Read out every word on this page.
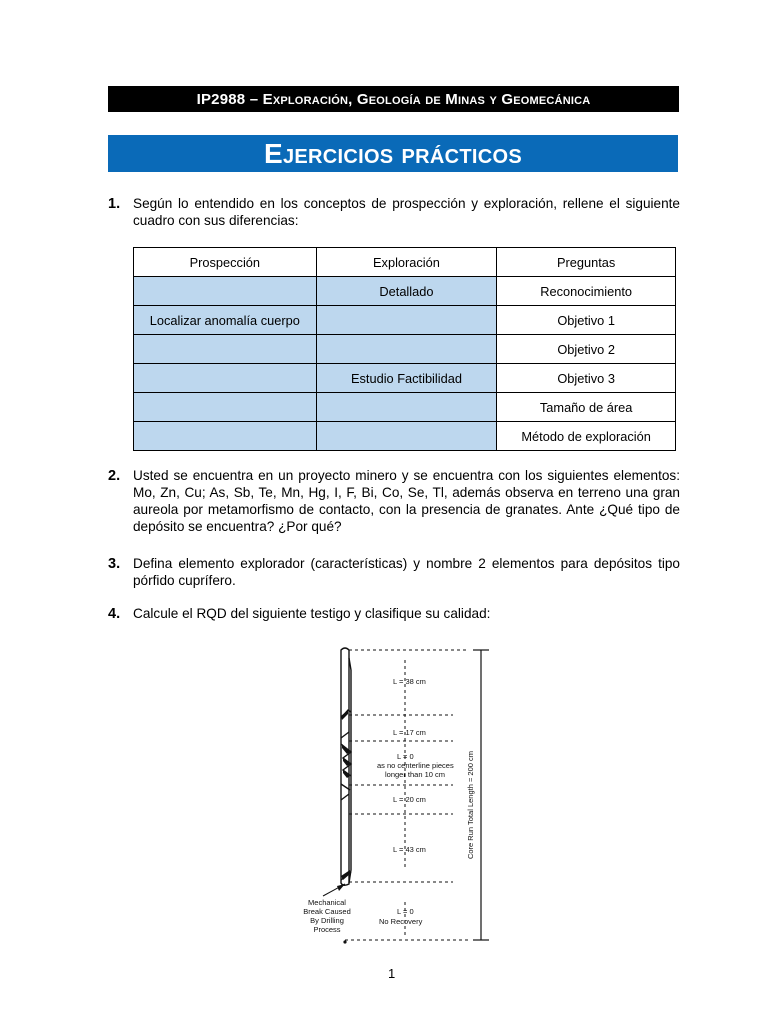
IP2988 – Exploración, Geología de Minas y Geomecánica
Ejercicios prácticos
1. Según lo entendido en los conceptos de prospección y exploración, rellene el siguiente cuadro con sus diferencias:
Prospección	Exploración	Preguntas
	Detallado	Reconocimiento
Localizar anomalía cuerpo		Objetivo 1
		Objetivo 2
	Estudio Factibilidad	Objetivo 3
		Tamaño de área
		Método de exploración
2. Usted se encuentra en un proyecto minero y se encuentra con los siguientes elementos: Mo, Zn, Cu; As, Sb, Te, Mn, Hg, I, F, Bi, Co, Se, Tl, además observa en terreno una gran aureola por metamorfismo de contacto, con la presencia de granates. Ante ¿Qué tipo de depósito se encuentra? ¿Por qué?
3. Defina elemento explorador (características) y nombre 2 elementos para depósitos tipo pórfido cuprífero.
4. Calcule el RQD del siguiente testigo y clasifique su calidad:
L = 38 cm
L = 17 cm
L = 0
as no centerline pieces
longer than 10 cm
L = 20 cm
L = 43 cm
L = 0
No Recovery
Mechanical
Break Caused
By Drilling
Process
Core Run Total Length = 200 cm
1
